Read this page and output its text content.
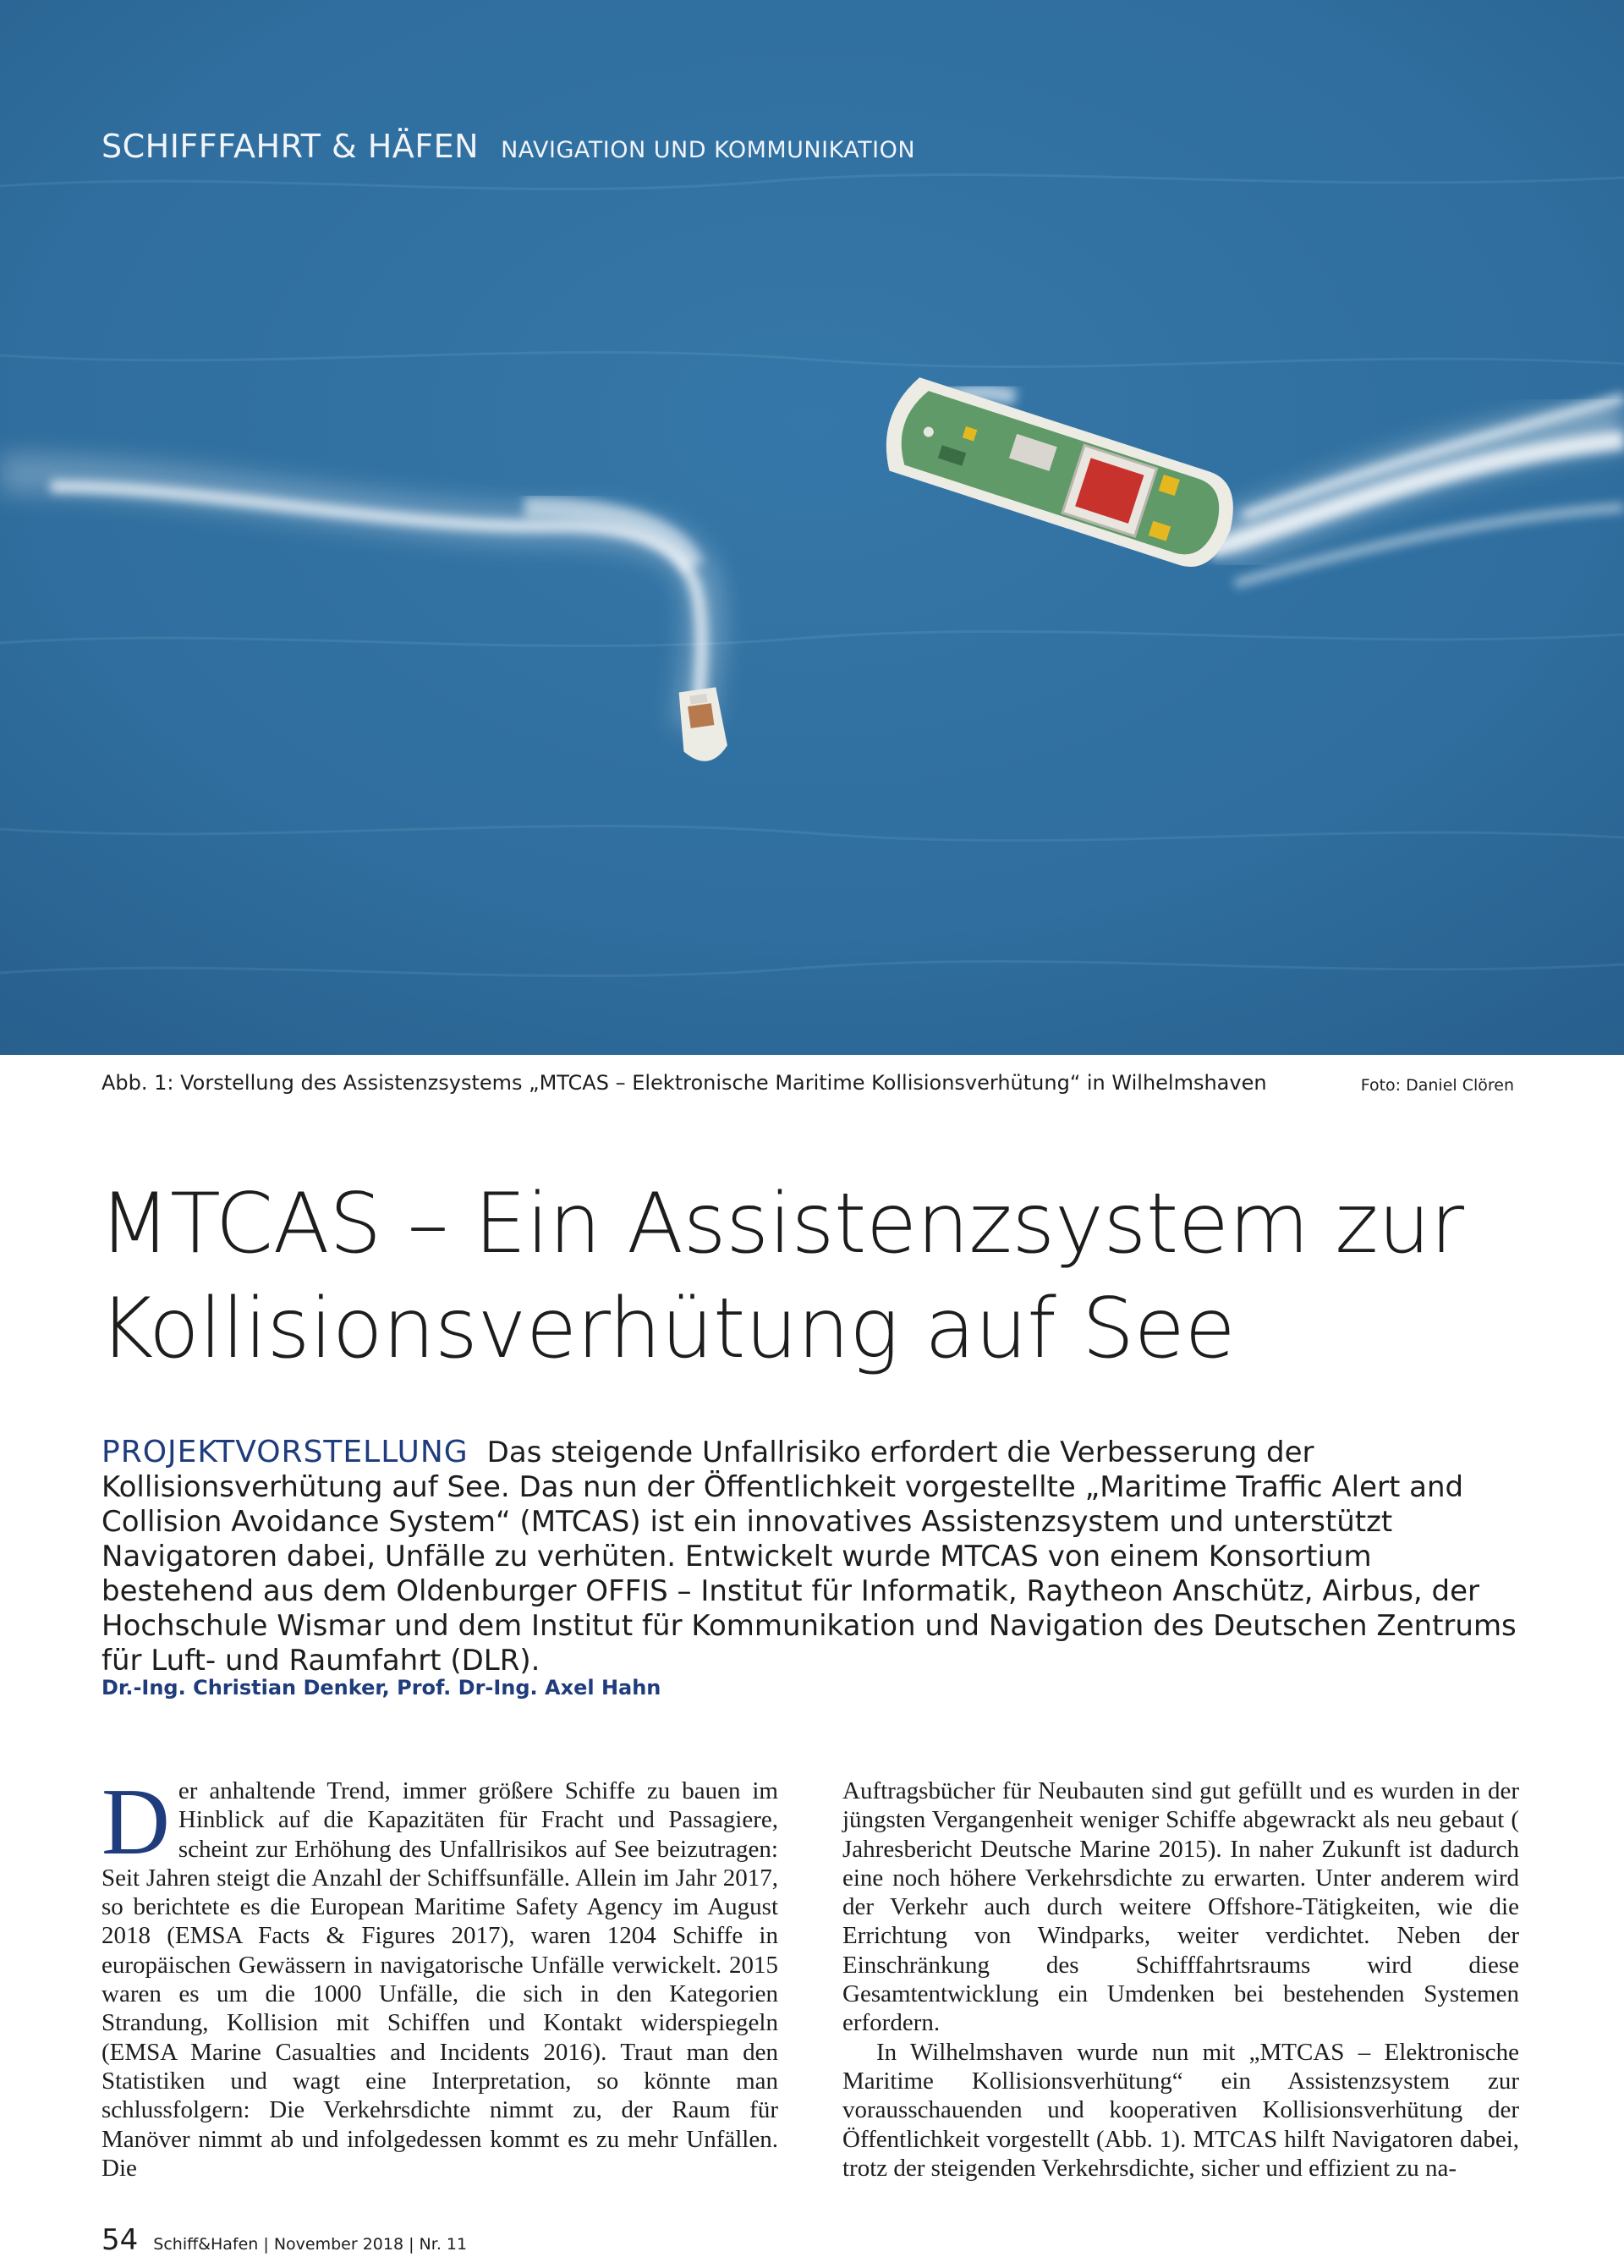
SCHIFFFAHRT & HÄFEN NAVIGATION UND KOMMUNIKATION
Abb. 1: Vorstellung des Assistenzsystems „MTCAS – Elektronische Maritime Kollisionsverhütung“ in Wilhelmshaven	Foto: Daniel Clören
MTCAS – Ein Assistenzsystem zur
Kollisionsverhütung auf See

PROJEKTVORSTELLUNG Das steigende Unfallrisiko erfordert die Verbesserung der Kollisionsverhütung auf See. Das nun der Öffentlichkeit vorgestellte „Maritime Traffic Alert and Collision Avoidance System“ (MTCAS) ist ein innovatives Assistenzsystem und unterstützt Navigatoren dabei, Unfälle zu verhüten. Entwickelt wurde MTCAS von einem Konsortium bestehend aus dem Oldenburger OFFIS – Institut für Informatik, Raytheon Anschütz, Airbus, der Hochschule Wismar und dem Institut für Kommunikation und Navigation des Deutschen Zentrums für Luft- und Raumfahrt (DLR).

Dr.-Ing. Christian Denker, Prof. Dr-Ing. Axel Hahn

Der anhaltende Trend, immer größere Schiffe zu bauen im Hinblick auf die Kapazitäten für Fracht und Passagiere, scheint zur Erhöhung des Unfallrisikos auf See beizutragen: Seit Jahren steigt die Anzahl der Schiffsunfälle. Allein im Jahr 2017, so berichtete es die European Maritime Safety Agency im August 2018 (EMSA Facts & Figures 2017), waren 1204 Schiffe in europäischen Gewässern in navigatorische Unfälle verwickelt. 2015 waren es um die 1000 Unfälle, die sich in den Kategorien Strandung, Kollision mit Schiffen und Kontakt widerspiegeln (EMSA Marine Casualties and Incidents 2016). Traut man den Statistiken und wagt eine Interpretation, so könnte man schlussfolgern: Die Verkehrsdichte nimmt zu, der Raum für Manöver nimmt ab und infolgedessen kommt es zu mehr Unfällen. Die

Auftragsbücher für Neubauten sind gut gefüllt und es wurden in der jüngsten Vergangenheit weniger Schiffe abgewrackt als neu gebaut ( Jahresbericht Deutsche Marine 2015). In naher Zukunft ist dadurch eine noch höhere Verkehrsdichte zu erwarten. Unter anderem wird der Verkehr auch durch weitere Offshore-Tätigkeiten, wie die Errichtung von Windparks, weiter verdichtet. Neben der Einschränkung des Schifffahrtsraums wird diese Gesamtentwicklung ein Umdenken bei bestehenden Systemen erfordern.

In Wilhelmshaven wurde nun mit „MTCAS – Elektronische Maritime Kollisionsverhütung“ ein Assistenzsystem zur vorausschauenden und kooperativen Kollisionsverhütung der Öffentlichkeit vorgestellt (Abb. 1). MTCAS hilft Navigatoren dabei, trotz der steigenden Verkehrsdichte, sicher und effizient zu na-

54 Schiff&Hafen | November 2018 | Nr. 11
